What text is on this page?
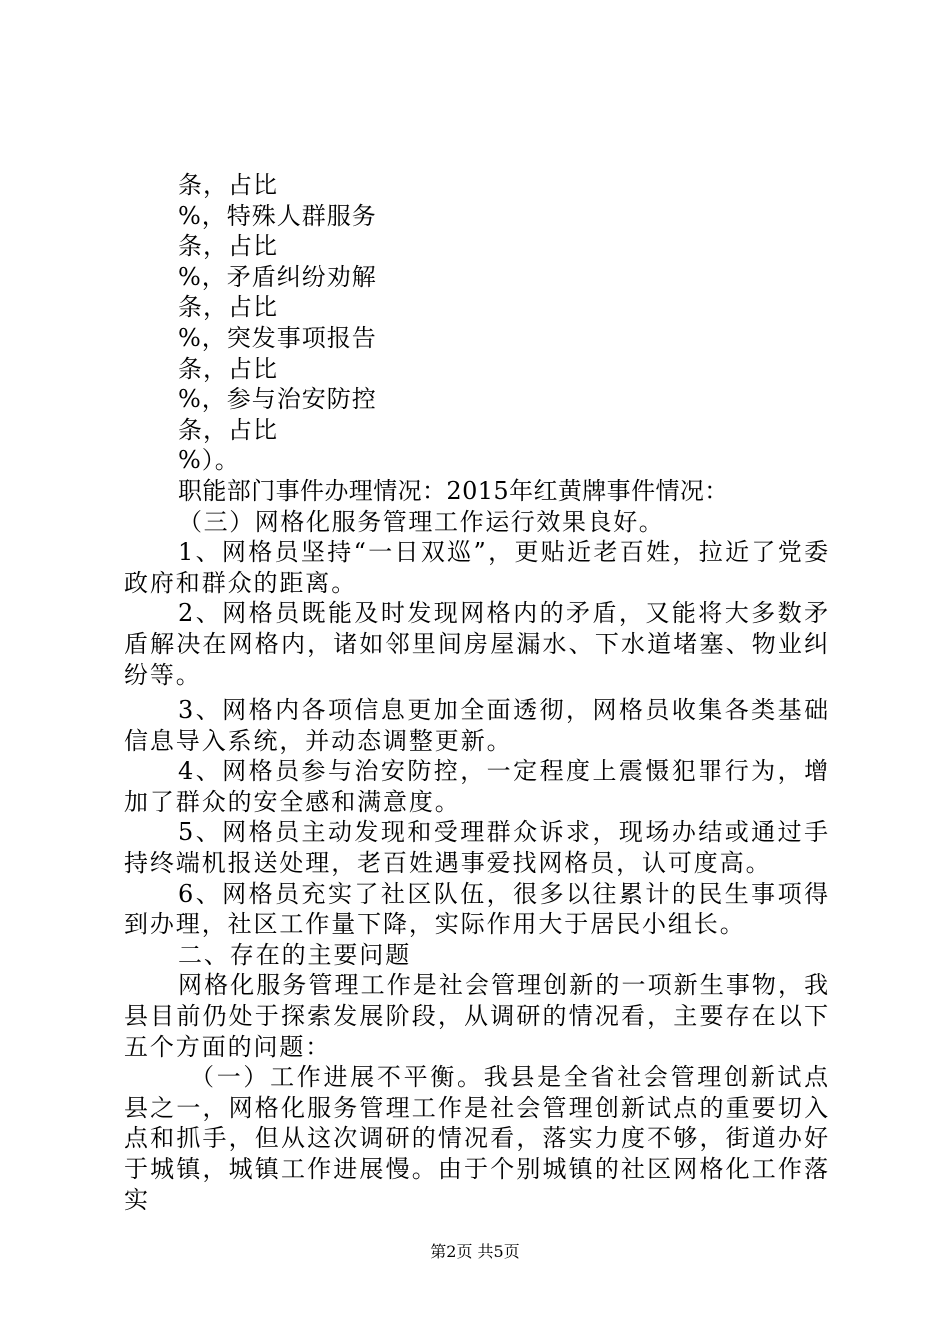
条，占比
%，特殊人群服务
条，占比
%，矛盾纠纷劝解
条，占比
%，突发事项报告
条，占比
%，参与治安防控
条，占比
%）。
职能部门事件办理情况：2015年红黄牌事件情况：
（三）网格化服务管理工作运行效果良好。

1、网格员坚持“一日双巡”，更贴近老百姓，拉近了党委政府和群众的距离。

2、网格员既能及时发现网格内的矛盾，又能将大多数矛盾解决在网格内，诸如邻里间房屋漏水、下水道堵塞、物业纠纷等。

3、网格内各项信息更加全面透彻，网格员收集各类基础信息导入系统，并动态调整更新。

4、网格员参与治安防控，一定程度上震慑犯罪行为，增加了群众的安全感和满意度。

5、网格员主动发现和受理群众诉求，现场办结或通过手持终端机报送处理，老百姓遇事爱找网格员，认可度高。

6、网格员充实了社区队伍，很多以往累计的民生事项得到办理，社区工作量下降，实际作用大于居民小组长。

二、存在的主要问题

网格化服务管理工作是社会管理创新的一项新生事物，我县目前仍处于探索发展阶段，从调研的情况看，主要存在以下五个方面的问题：

（一）工作进展不平衡。我县是全省社会管理创新试点县之一，网格化服务管理工作是社会管理创新试点的重要切入点和抓手，但从这次调研的情况看，落实力度不够，街道办好于城镇，城镇工作进展慢。由于个别城镇的社区网格化工作落实

第2页 共5页
